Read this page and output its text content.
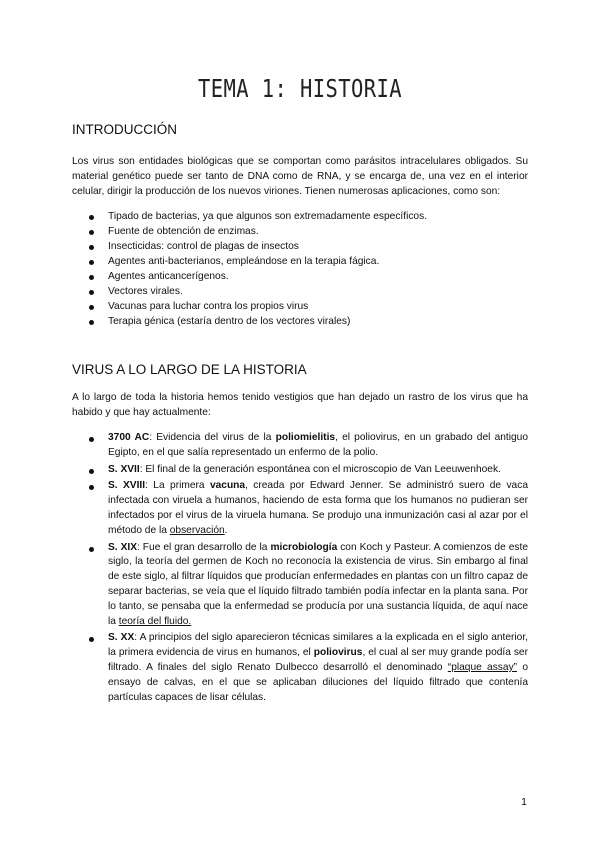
TEMA 1: HISTORIA
INTRODUCCIÓN

Los virus son entidades biológicas que se comportan como parásitos intracelulares obligados. Su material genético puede ser tanto de DNA como de RNA, y se encarga de, una vez en el interior celular, dirigir la producción de los nuevos viriones. Tienen numerosas aplicaciones, como son:

Tipado de bacterias, ya que algunos son extremadamente específicos.
Fuente de obtención de enzimas.
Insecticidas: control de plagas de insectos
Agentes anti-bacterianos, empleándose en la terapia fágica.
Agentes anticancerígenos.
Vectores virales.
Vacunas para luchar contra los propios virus
Terapia génica (estaría dentro de los vectores virales)
VIRUS A LO LARGO DE LA HISTORIA

A lo largo de toda la historia hemos tenido vestigios que han dejado un rastro de los virus que ha habido y que hay actualmente:

3700 AC: Evidencia del virus de la poliomielitis, el poliovirus, en un grabado del antiguo Egipto, en el que salía representado un enfermo de la polio.
S. XVII: El final de la generación espontánea con el microscopio de Van Leeuwenhoek.
S. XVIII: La primera vacuna, creada por Edward Jenner. Se administró suero de vaca infectada con viruela a humanos, haciendo de esta forma que los humanos no pudieran ser infectados por el virus de la viruela humana. Se produjo una inmunización casi al azar por el método de la observación.
S. XIX: Fue el gran desarrollo de la microbiología con Koch y Pasteur. A comienzos de este siglo, la teoría del germen de Koch no reconocía la existencia de virus. Sin embargo al final de este siglo, al filtrar líquidos que producían enfermedades en plantas con un filtro capaz de separar bacterias, se veía que el líquido filtrado también podía infectar en la planta sana. Por lo tanto, se pensaba que la enfermedad se producía por una sustancia líquida, de aquí nace la teoría del fluido.
S. XX: A principios del siglo aparecieron técnicas similares a la explicada en el siglo anterior, la primera evidencia de virus en humanos, el poliovirus, el cual al ser muy grande podía ser filtrado. A finales del siglo Renato Dulbecco desarrolló el denominado “plaque assay” o ensayo de calvas, en el que se aplicaban diluciones del líquido filtrado que contenía partículas capaces de lisar células.
1
